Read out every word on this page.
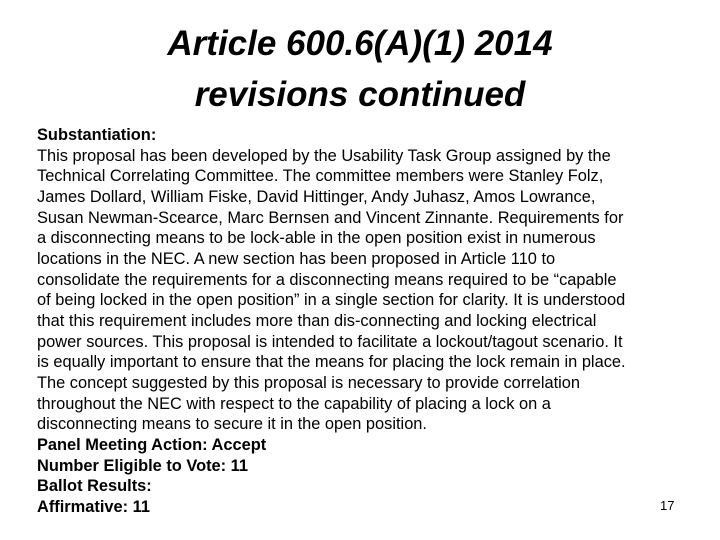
Article 600.6(A)(1) 2014
revisions continued
Substantiation:
This proposal has been developed by the Usability Task Group assigned by the
Technical Correlating Committee. The committee members were Stanley Folz,
James Dollard, William Fiske, David Hittinger, Andy Juhasz, Amos Lowrance,
Susan Newman-Scearce, Marc Bernsen and Vincent Zinnante. Requirements for
a disconnecting means to be lock-able in the open position exist in numerous
locations in the NEC. A new section has been proposed in Article 110 to
consolidate the requirements for a disconnecting means required to be “capable
of being locked in the open position” in a single section for clarity. It is understood
that this requirement includes more than dis-connecting and locking electrical
power sources. This proposal is intended to facilitate a lockout/tagout scenario. It
is equally important to ensure that the means for placing the lock remain in place.
The concept suggested by this proposal is necessary to provide correlation
throughout the NEC with respect to the capability of placing a lock on a
disconnecting means to secure it in the open position.
Panel Meeting Action: Accept
Number Eligible to Vote: 11
Ballot Results:
Affirmative: 11	17
